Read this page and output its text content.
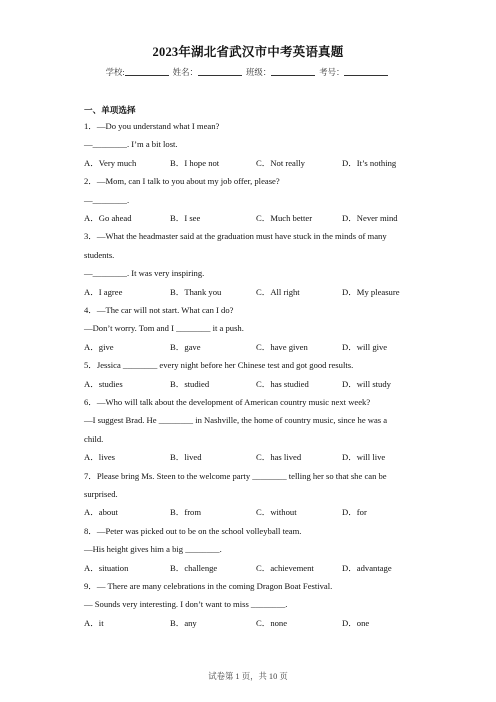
2023年湖北省武汉市中考英语真题
学校:	姓名：	班级：	考号：
一、单项选择
1．—Do you understand what I mean?
—________. I’m a bit lost.
A．Very much	B．I hope not	C．Not really	D．It’s nothing
2．—Mom, can I talk to you about my job offer, please?
—________.
A．Go ahead	B．I see	C．Much better	D．Never mind
3．—What the headmaster said at the graduation must have stuck in the minds of many
students.
—________. It was very inspiring.
A．I agree	B．Thank you	C．All right	D．My pleasure
4．—The car will not start. What can I do?
—Don’t worry. Tom and I ________ it a push.
A．give	B．gave	C．have given	D．will give
5．Jessica ________ every night before her Chinese test and got good results.
A．studies	B．studied	C．has studied	D．will study
6．—Who will talk about the development of American country music next week?
—I suggest Brad. He ________ in Nashville, the home of country music, since he was a
child.
A．lives	B．lived	C．has lived	D．will live
7．Please bring Ms. Steen to the welcome party ________ telling her so that she can be
surprised.
A．about	B．from	C．without	D．for
8．—Peter was picked out to be on the school volleyball team.
—His height gives him a big ________.
A．situation	B．challenge	C．achievement	D．advantage
9．— There are many celebrations in the coming Dragon Boat Festival.
— Sounds very interesting. I don’t want to miss ________.
A．it	B．any	C．none	D．one
试卷第 1 页，共 10 页
